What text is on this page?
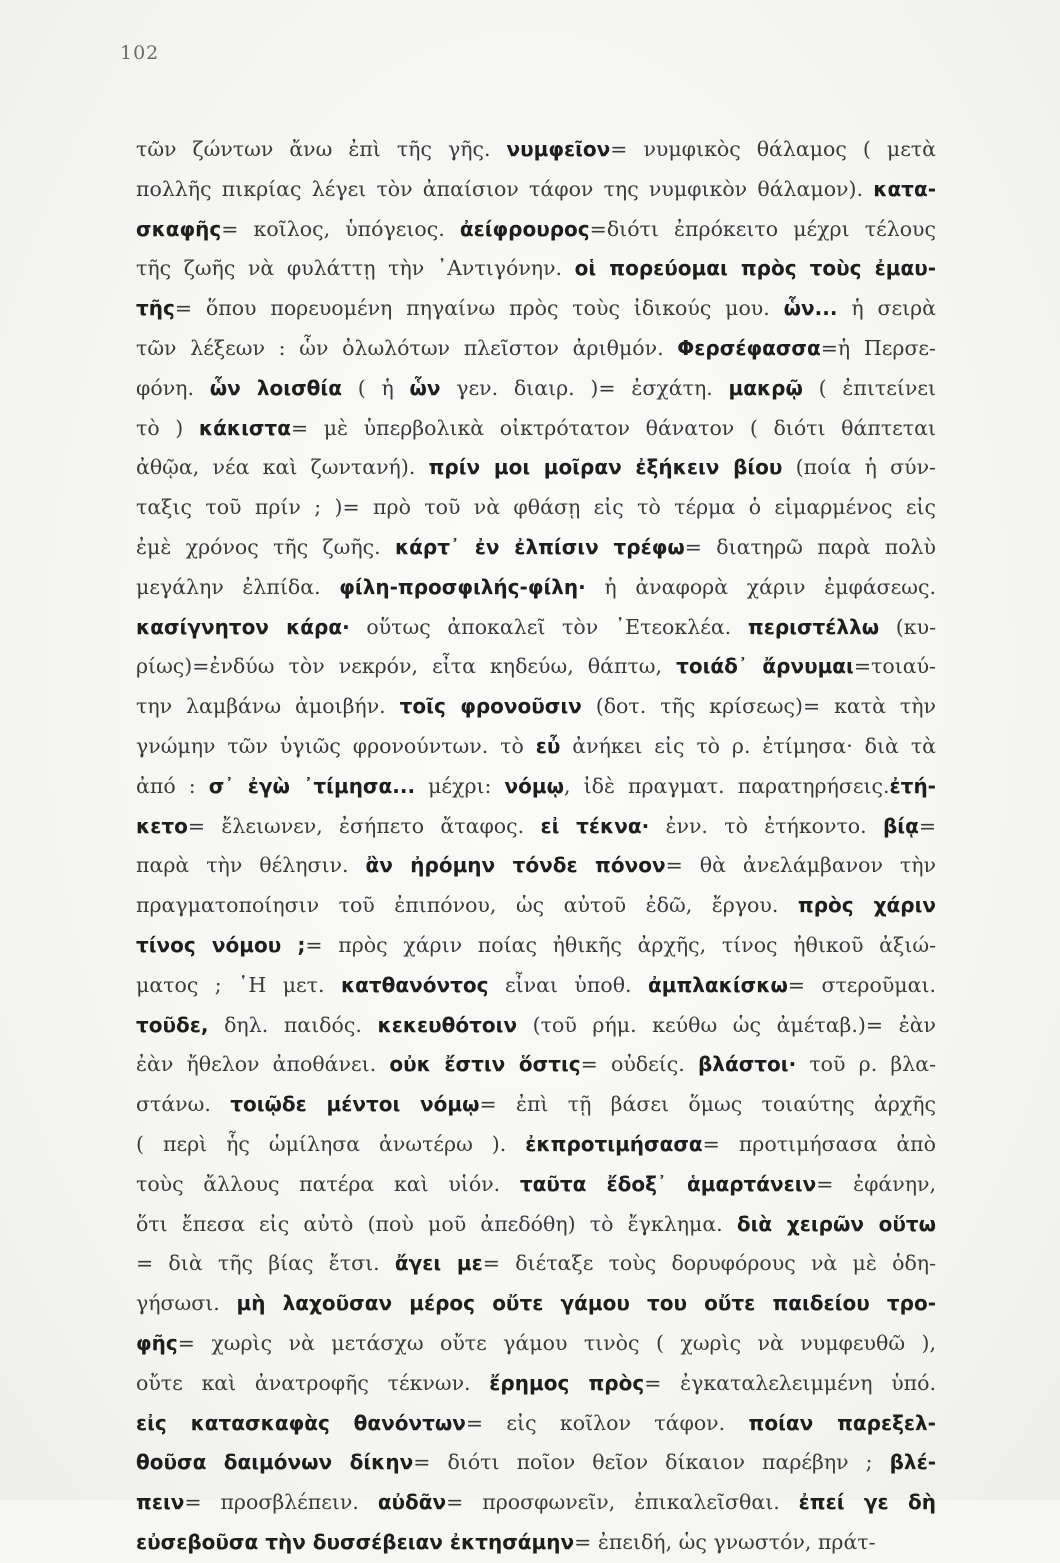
102
τῶν ζώντων ἄνω ἐπὶ τῆς γῆς. νυμφεῖον= νυμφικὸς θάλαμος ( μετὰ
πολλῆς πικρίας λέγει τὸν ἀπαίσιον τάφον της νυμφικὸν θάλαμον). κατα-
σκαφῆς= κοῖλος, ὑπόγειος. ἀείφρουρος=διότι ἐπρόκειτο μέχρι τέλους
τῆς ζωῆς νὰ φυλάττῃ τὴν ᾿Αντιγόνην. οἱ πορεύομαι πρὸς τοὺς ἐμαυ-
τῆς= ὅπου πορευομένη πηγαίνω πρὸς τοὺς ἰδικούς μου. ὧν... ἡ σειρὰ
τῶν λέξεων : ὧν ὀλωλότων πλεῖστον ἀριθμόν. Φερσέφασσα=ἡ Περσε-
φόνη. ὧν λοισθία ( ἡ ὧν γεν. διαιρ. )= ἐσχάτη. μακρῷ ( ἐπιτείνει
τὸ ) κάκιστα= μὲ ὑπερβολικὰ οἰκτρότατον θάνατον ( διότι θάπτεται
ἀθῷα, νέα καὶ ζωντανή). πρίν μοι μοῖραν ἐξήκειν βίου (ποία ἡ σύν-
ταξις τοῦ πρίν ; )= πρὸ τοῦ νὰ φθάσῃ εἰς τὸ τέρμα ὁ εἱμαρμένος εἰς
ἐμὲ χρόνος τῆς ζωῆς. κάρτ᾿ ἐν ἐλπίσιν τρέφω= διατηρῶ παρὰ πολὺ
μεγάλην ἐλπίδα. φίλη-προσφιλής-φίλη· ἡ ἀναφορὰ χάριν ἐμφάσεως.
κασίγνητον κάρα· οὕτως ἀποκαλεῖ τὸν ᾿Ετεοκλέα. περιστέλλω (κυ-
ρίως)=ἐνδύω τὸν νεκρόν, εἶτα κηδεύω, θάπτω, τοιάδ᾿ ἄρνυμαι=τοιαύ-
την λαμβάνω ἀμοιβήν. τοῖς φρονοῦσιν (δοτ. τῆς κρίσεως)= κατὰ τὴν
γνώμην τῶν ὑγιῶς φρονούντων. τὸ εὖ ἀνήκει εἰς τὸ ρ. ἐτίμησα· διὰ τὰ
ἀπό : σ᾿ ἐγὼ ᾿τίμησα... μέχρι: νόμῳ, ἰδὲ πραγματ. παρατηρήσεις.ἐτή-
κετο= ἔλειωνεν, ἐσήπετο ἄταφος. εἰ τέκνα· ἐνν. τὸ ἐτήκοντο. βίᾳ=
παρὰ τὴν θέλησιν. ἂν ἠρόμην τόνδε πόνον= θὰ ἀνελάμβανον τὴν
πραγματοποίησιν τοῦ ἐπιπόνου, ὡς αὐτοῦ ἐδῶ, ἔργου. πρὸς χάριν
τίνος νόμου ;= πρὸς χάριν ποίας ἠθικῆς ἀρχῆς, τίνος ἠθικοῦ ἀξιώ-
ματος ; ῾Η μετ. κατθανόντος εἶναι ὑποθ. ἀμπλακίσκω= στεροῦμαι.
τοῦδε, δηλ. παιδός. κεκευθότοιν (τοῦ ρήμ. κεύθω ὡς ἀμέταβ.)= ἐὰν
ἐὰν ἤθελον ἀποθάνει. οὐκ ἔστιν ὅστις= οὐδείς. βλάστοι· τοῦ ρ. βλα-
στάνω. τοιῷδε μέντοι νόμῳ= ἐπὶ τῇ βάσει ὅμως τοιαύτης ἀρχῆς
( περὶ ἧς ὡμίλησα ἀνωτέρω ). ἐκπροτιμήσασα= προτιμήσασα ἀπὸ
τοὺς ἄλλους πατέρα καὶ υἱόν. ταῦτα ἔδοξ᾿ ἁμαρτάνειν= ἐφάνην,
ὅτι ἔπεσα εἰς αὐτὸ (ποὺ μοῦ ἀπεδόθη) τὸ ἔγκλημα. διὰ χειρῶν οὕτω
= διὰ τῆς βίας ἔτσι. ἄγει με= διέταξε τοὺς δορυφόρους νὰ μὲ ὁδη-
γήσωσι. μὴ λαχοῦσαν μέρος οὔτε γάμου του οὔτε παιδείου τρο-
φῆς= χωρὶς νὰ μετάσχω οὔτε γάμου τινὸς ( χωρὶς νὰ νυμφευθῶ ),
οὔτε καὶ ἀνατροφῆς τέκνων. ἔρημος πρὸς= ἐγκαταλελειμμένη ὑπό.
εἰς κατασκαφὰς θανόντων= εἰς κοῖλον τάφον. ποίαν παρεξελ-
θοῦσα δαιμόνων δίκην= διότι ποῖον θεῖον δίκαιον παρέβην ; βλέ-
πειν= προσβλέπειν. αὐδᾶν= προσφωνεῖν, ἐπικαλεῖσθαι. ἐπεί γε δὴ
εὐσεβοῦσα τὴν δυσσέβειαν ἐκτησάμην= ἐπειδή, ὡς γνωστόν, πράτ-
